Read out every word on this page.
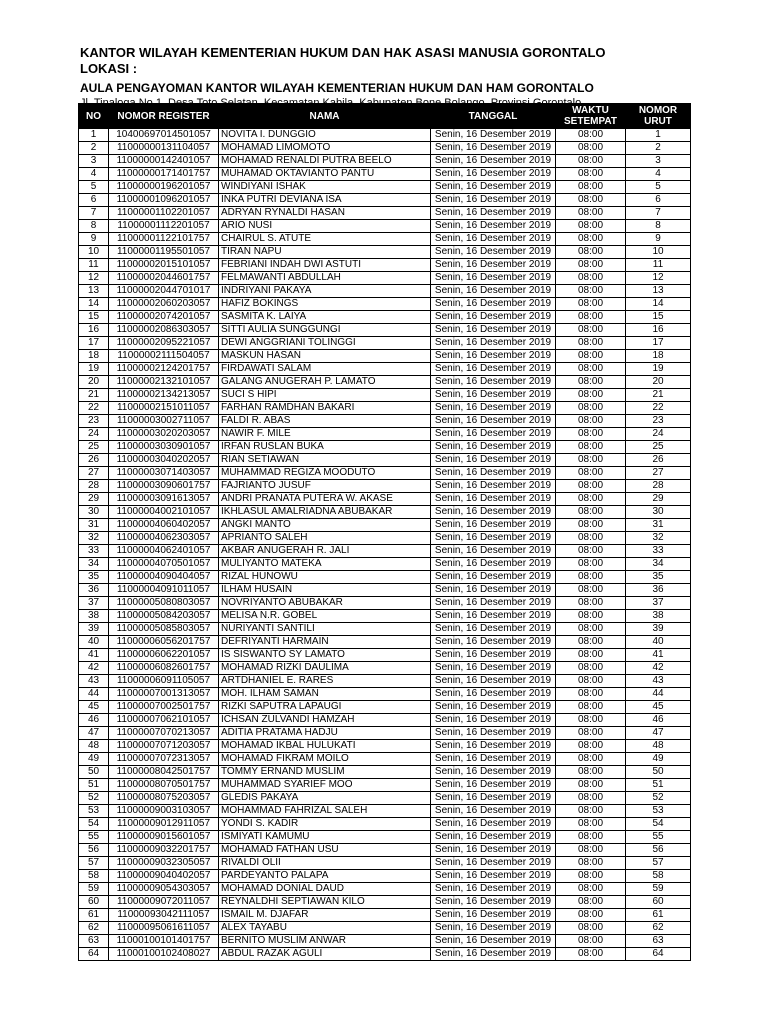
KANTOR WILAYAH KEMENTERIAN HUKUM DAN HAK ASASI MANUSIA GORONTALO

LOKASI :

AULA PENGAYOMAN KANTOR WILAYAH KEMENTERIAN HUKUM DAN HAM GORONTALO

NO	NOMOR REGISTER	NAMA	TANGGAL	WAKTU SETEMPAT	NOMOR URUT
1	10400697014501057	NOVITA I. DUNGGIO	Senin, 16 Desember 2019	08:00	1
2	11000000131104057	MOHAMAD LIMOMOTO	Senin, 16 Desember 2019	08:00	2
3	11000000142401057	MOHAMAD RENALDI PUTRA BEELO	Senin, 16 Desember 2019	08:00	3
4	11000000171401757	MUHAMAD OKTAVIANTO PANTU	Senin, 16 Desember 2019	08:00	4
5	11000000196201057	WINDIYANI ISHAK	Senin, 16 Desember 2019	08:00	5
6	11000001096201057	INKA PUTRI DEVIANA ISA	Senin, 16 Desember 2019	08:00	6
7	11000001102201057	ADRYAN RYNALDI HASAN	Senin, 16 Desember 2019	08:00	7
8	11000001112201057	ARIO NUSI	Senin, 16 Desember 2019	08:00	8
9	11000001122101757	CHAIRUL S. ATUTE	Senin, 16 Desember 2019	08:00	9
10	11000001195501057	TIRAN NAPU	Senin, 16 Desember 2019	08:00	10
11	11000002015101057	FEBRIANI INDAH DWI ASTUTI	Senin, 16 Desember 2019	08:00	11
12	11000002044601757	FELMAWANTI ABDULLAH	Senin, 16 Desember 2019	08:00	12
13	11000002044701017	INDRIYANI PAKAYA	Senin, 16 Desember 2019	08:00	13
14	11000002060203057	HAFIZ BOKINGS	Senin, 16 Desember 2019	08:00	14
15	11000002074201057	SASMITA K. LAIYA	Senin, 16 Desember 2019	08:00	15
16	11000002086303057	SITTI AULIA SUNGGUNGI	Senin, 16 Desember 2019	08:00	16
17	11000002095221057	DEWI ANGGRIANI TOLINGGI	Senin, 16 Desember 2019	08:00	17
18	11000002111504057	MASKUN HASAN	Senin, 16 Desember 2019	08:00	18
19	11000002124201757	FIRDAWATI SALAM	Senin, 16 Desember 2019	08:00	19
20	11000002132101057	GALANG ANUGERAH P. LAMATO	Senin, 16 Desember 2019	08:00	20
21	11000002134213057	SUCI S HIPI	Senin, 16 Desember 2019	08:00	21
22	11000002151011057	FARHAN RAMDHAN BAKARI	Senin, 16 Desember 2019	08:00	22
23	11000003002711057	FALDI R. ABAS	Senin, 16 Desember 2019	08:00	23
24	11000003020203057	NAWIR F. MILE	Senin, 16 Desember 2019	08:00	24
25	11000003030901057	IRFAN RUSLAN BUKA	Senin, 16 Desember 2019	08:00	25
26	11000003040202057	RIAN SETIAWAN	Senin, 16 Desember 2019	08:00	26
27	11000003071403057	MUHAMMAD REGIZA MOODUTO	Senin, 16 Desember 2019	08:00	27
28	11000003090601757	FAJRIANTO JUSUF	Senin, 16 Desember 2019	08:00	28
29	11000003091613057	ANDRI PRANATA PUTERA W. AKASE	Senin, 16 Desember 2019	08:00	29
30	11000004002101057	IKHLASUL AMALRIADNA ABUBAKAR	Senin, 16 Desember 2019	08:00	30
31	11000004060402057	ANGKI MANTO	Senin, 16 Desember 2019	08:00	31
32	11000004062303057	APRIANTO SALEH	Senin, 16 Desember 2019	08:00	32
33	11000004062401057	AKBAR ANUGERAH R. JALI	Senin, 16 Desember 2019	08:00	33
34	11000004070501057	MULIYANTO MATEKA	Senin, 16 Desember 2019	08:00	34
35	11000004090404057	RIZAL HUNOWU	Senin, 16 Desember 2019	08:00	35
36	11000004091011057	ILHAM HUSAIN	Senin, 16 Desember 2019	08:00	36
37	11000005080803057	NOVRIYANTO ABUBAKAR	Senin, 16 Desember 2019	08:00	37
38	11000005084203057	MELISA N.R. GOBEL	Senin, 16 Desember 2019	08:00	38
39	11000005085803057	NURIYANTI SANTILI	Senin, 16 Desember 2019	08:00	39
40	11000006056201757	DEFRIYANTI HARMAIN	Senin, 16 Desember 2019	08:00	40
41	11000006062201057	IS SISWANTO SY LAMATO	Senin, 16 Desember 2019	08:00	41
42	11000006082601757	MOHAMAD RIZKI DAULIMA	Senin, 16 Desember 2019	08:00	42
43	11000006091105057	ARTDHANIEL E. RARES	Senin, 16 Desember 2019	08:00	43
44	11000007001313057	MOH. ILHAM SAMAN	Senin, 16 Desember 2019	08:00	44
45	11000007002501757	RIZKI SAPUTRA LAPAUGI	Senin, 16 Desember 2019	08:00	45
46	11000007062101057	ICHSAN ZULVANDI HAMZAH	Senin, 16 Desember 2019	08:00	46
47	11000007070213057	ADITIA PRATAMA HADJU	Senin, 16 Desember 2019	08:00	47
48	11000007071203057	MOHAMAD IKBAL HULUKATI	Senin, 16 Desember 2019	08:00	48
49	11000007072313057	MOHAMAD FIKRAM MOILO	Senin, 16 Desember 2019	08:00	49
50	11000008042501757	TOMMY ERNAND MUSLIM	Senin, 16 Desember 2019	08:00	50
51	11000008070501757	MUHAMMAD SYARIEF MOO	Senin, 16 Desember 2019	08:00	51
52	11000008075203057	GLEDIS PAKAYA	Senin, 16 Desember 2019	08:00	52
53	11000009003103057	MOHAMMAD FAHRIZAL SALEH	Senin, 16 Desember 2019	08:00	53
54	11000009012911057	YONDI S. KADIR	Senin, 16 Desember 2019	08:00	54
55	11000009015601057	ISMIYATI KAMUMU	Senin, 16 Desember 2019	08:00	55
56	11000009032201757	MOHAMAD FATHAN USU	Senin, 16 Desember 2019	08:00	56
57	11000009032305057	RIVALDI OLII	Senin, 16 Desember 2019	08:00	57
58	11000009040402057	PARDEYANTO PALAPA	Senin, 16 Desember 2019	08:00	58
59	11000009054303057	MOHAMAD DONIAL DAUD	Senin, 16 Desember 2019	08:00	59
60	11000009072011057	REYNALDHI SEPTIAWAN KILO	Senin, 16 Desember 2019	08:00	60
61	11000093042111057	ISMAIL M. DJAFAR	Senin, 16 Desember 2019	08:00	61
62	11000095061611057	ALEX TAYABU	Senin, 16 Desember 2019	08:00	62
63	11000100101401757	BERNITO MUSLIM ANWAR	Senin, 16 Desember 2019	08:00	63
64	11000100102408027	ABDUL RAZAK AGULI	Senin, 16 Desember 2019	08:00	64
